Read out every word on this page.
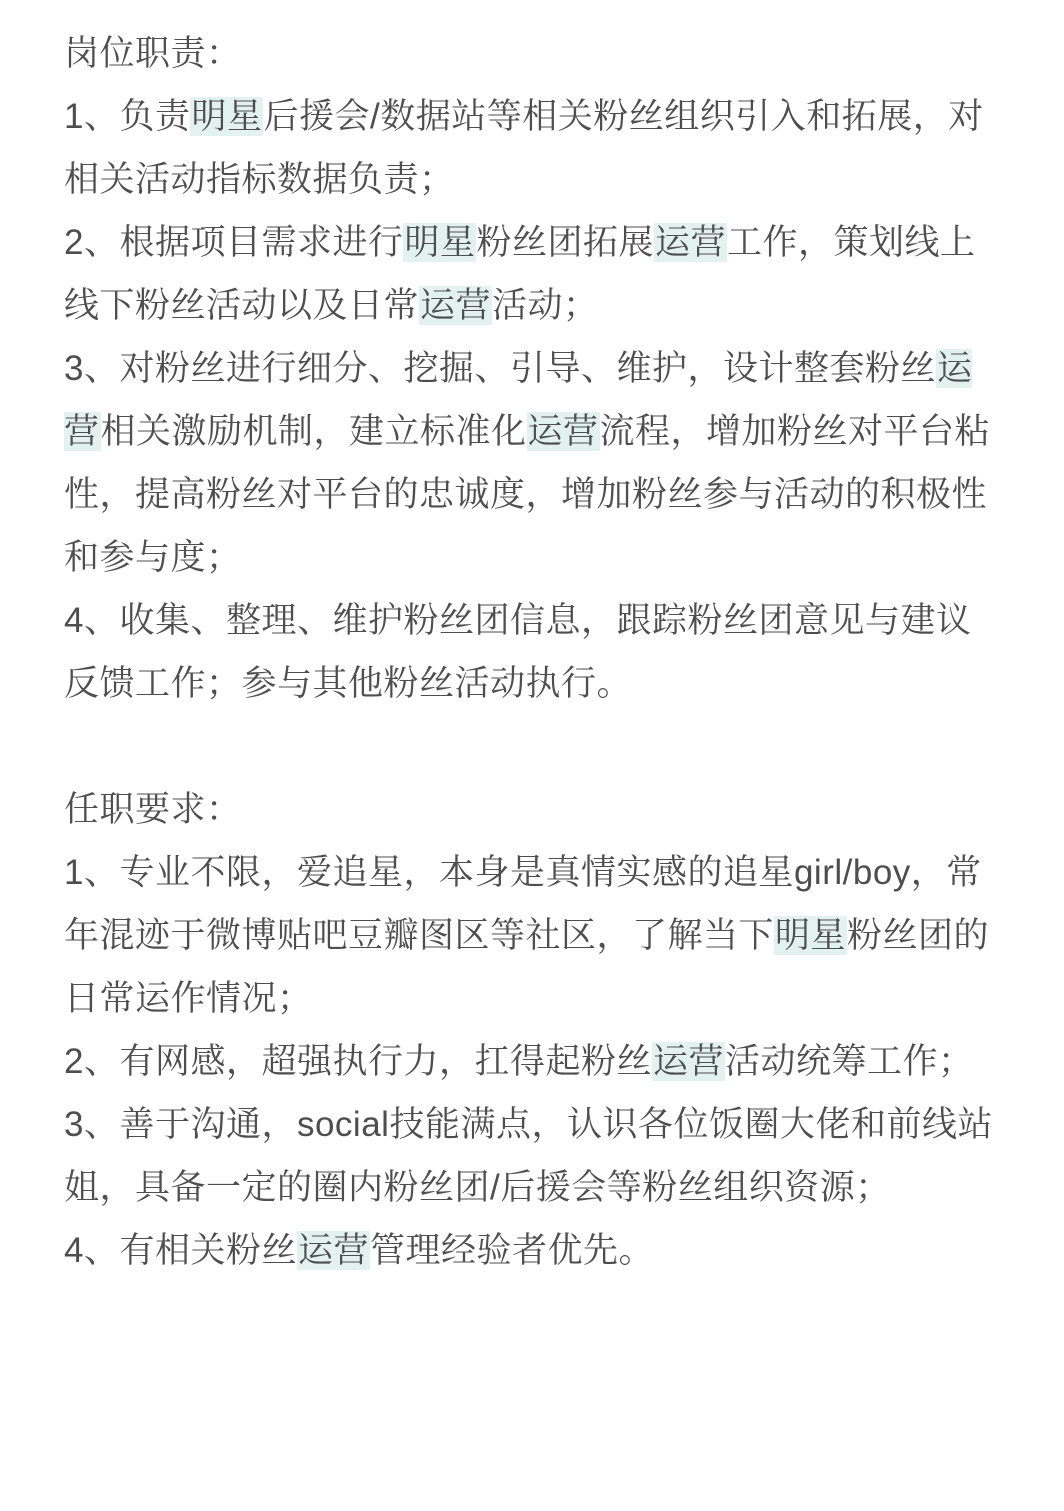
岗位职责：

1、负责明星后援会/数据站等相关粉丝组织引入和拓展，对相关活动指标数据负责；

2、根据项目需求进行明星粉丝团拓展运营工作，策划线上线下粉丝活动以及日常运营活动；

3、对粉丝进行细分、挖掘、引导、维护，设计整套粉丝运营相关激励机制，建立标准化运营流程，增加粉丝对平台粘性，提高粉丝对平台的忠诚度，增加粉丝参与活动的积极性和参与度；

4、收集、整理、维护粉丝团信息，跟踪粉丝团意见与建议反馈工作；参与其他粉丝活动执行。

任职要求：

1、专业不限，爱追星，本身是真情实感的追星girl/boy，常年混迹于微博贴吧豆瓣图区等社区，了解当下明星粉丝团的日常运作情况；

2、有网感，超强执行力，扛得起粉丝运营活动统筹工作；

3、善于沟通，social技能满点，认识各位饭圈大佬和前线站姐，具备一定的圈内粉丝团/后援会等粉丝组织资源；

4、有相关粉丝运营管理经验者优先。
